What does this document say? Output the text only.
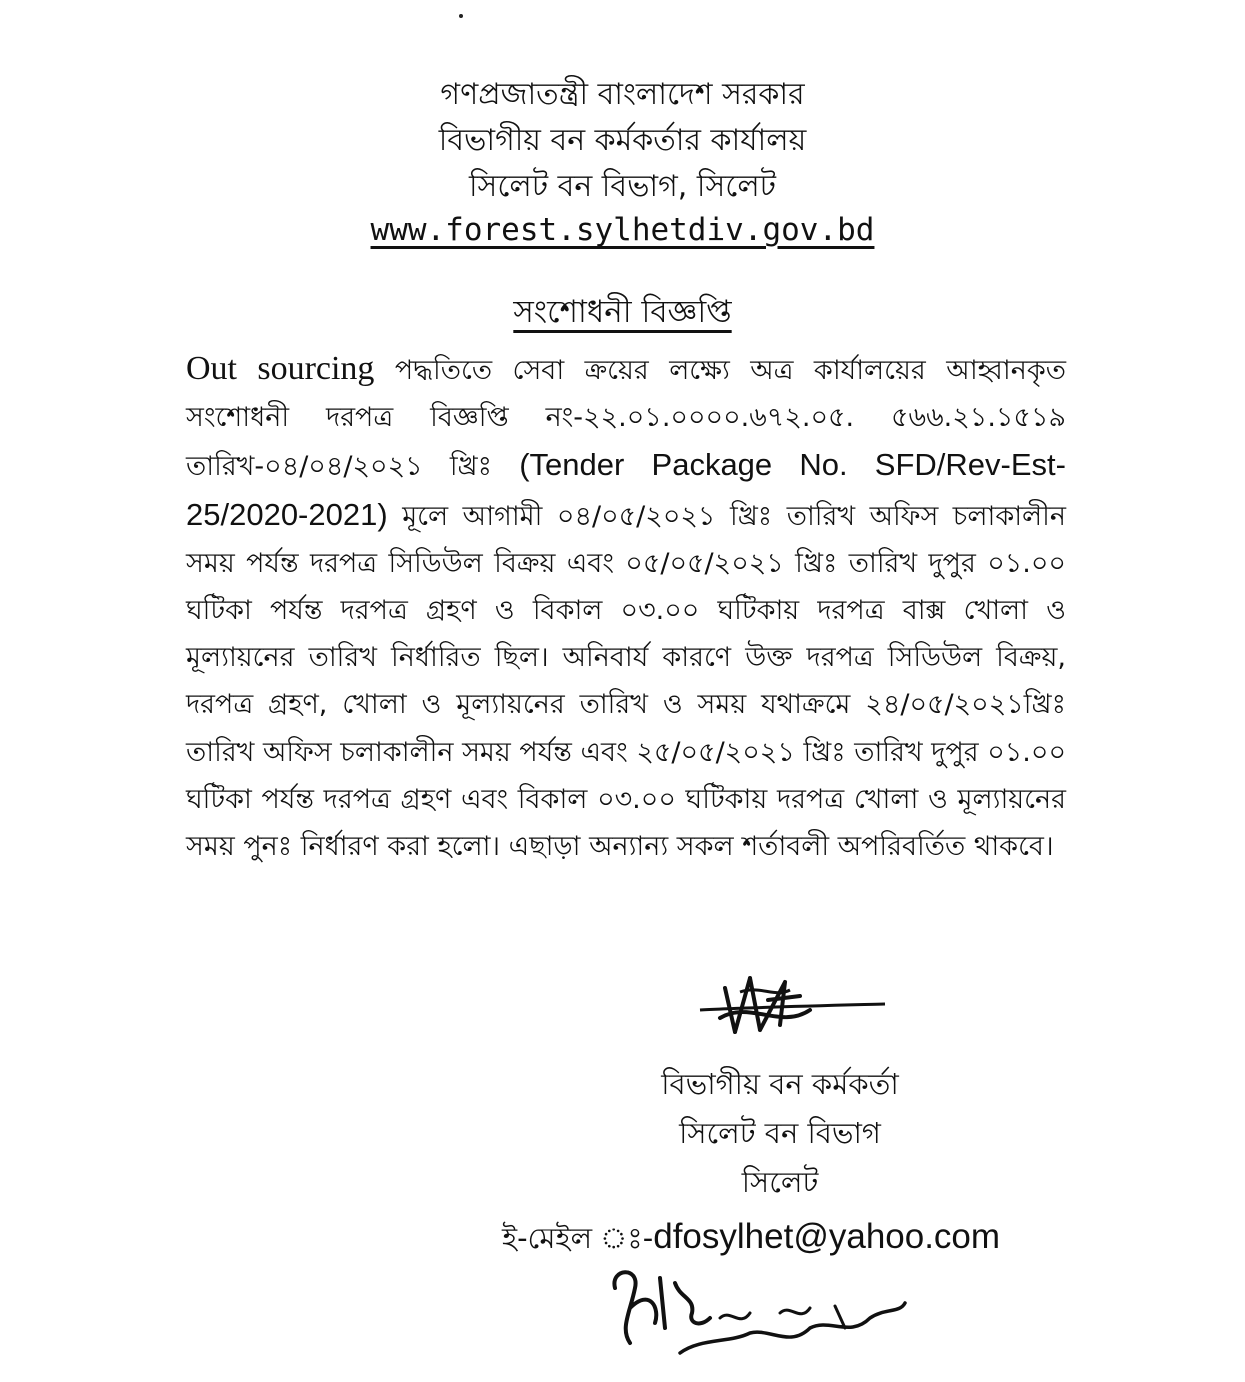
গণপ্রজাতন্ত্রী বাংলাদেশ সরকার
বিভাগীয় বন কর্মকর্তার কার্যালয়
সিলেট বন বিভাগ, সিলেট
www.forest.sylhetdiv.gov.bd
সংশোধনী বিজ্ঞপ্তি
Out sourcing পদ্ধতিতে সেবা ক্রয়ের লক্ষ্যে অত্র কার্যালয়ের আহ্বানকৃত সংশোধনী দরপত্র বিজ্ঞপ্তি নং-২২.০১.০০০০.৬৭২.০৫. ৫৬৬.২১.১৫১৯ তারিখ-০৪/০৪/২০২১ খ্রিঃ (Tender Package No. SFD/Rev-Est-25/2020-2021) মূলে আগামী ০৪/০৫/২০২১ খ্রিঃ তারিখ অফিস চলাকালীন সময় পর্যন্ত দরপত্র সিডিউল বিক্রয় এবং ০৫/০৫/২০২১ খ্রিঃ তারিখ দুপুর ০১.০০ ঘটিকা পর্যন্ত দরপত্র গ্রহণ ও বিকাল ০৩.০০ ঘটিকায় দরপত্র বাক্স খোলা ও মূল্যায়নের তারিখ নির্ধারিত ছিল। অনিবার্য কারণে উক্ত দরপত্র সিডিউল বিক্রয়, দরপত্র গ্রহণ, খোলা ও মূল্যায়নের তারিখ ও সময় যথাক্রমে ২৪/০৫/২০২১খ্রিঃ তারিখ অফিস চলাকালীন সময় পর্যন্ত এবং ২৫/০৫/২০২১ খ্রিঃ তারিখ দুপুর ০১.০০ ঘটিকা পর্যন্ত দরপত্র গ্রহণ এবং বিকাল ০৩.০০ ঘটিকায় দরপত্র খোলা ও মূল্যায়নের সময় পুনঃ নির্ধারণ করা হলো। এছাড়া অন্যান্য সকল শর্তাবলী অপরিবর্তিত থাকবে।
বিভাগীয় বন কর্মকর্তা
সিলেট বন বিভাগ
সিলেট
ই-মেইল ঃ-dfosylhet@yahoo.com
